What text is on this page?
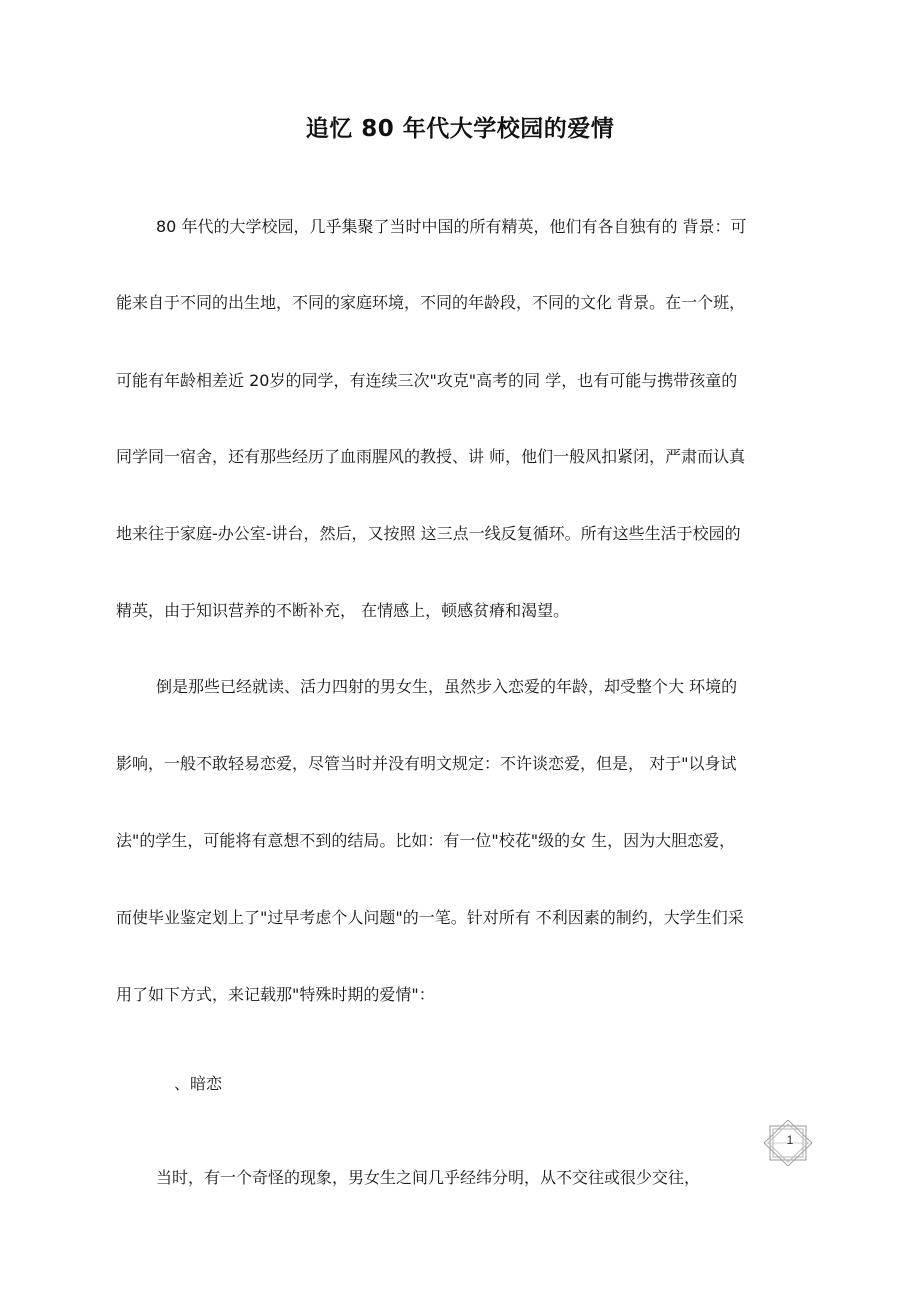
追忆 80 年代大学校园的爱情
80 年代的大学校园，几乎集聚了当时中国的所有精英，他们有各自独有的 背景：可
能来自于不同的出生地，不同的家庭环境，不同的年龄段，不同的文化 背景。在一个班，
可能有年龄相差近 20岁的同学，有连续三次"攻克"高考的同 学，也有可能与携带孩童的
同学同一宿舍，还有那些经历了血雨腥风的教授、讲 师，他们一般风扣紧闭，严肃而认真
地来往于家庭-办公室-讲台，然后，又按照 这三点一线反复循环。所有这些生活于校园的
精英，由于知识营养的不断补充， 在情感上，顿感贫瘠和渴望。
倒是那些已经就读、活力四射的男女生，虽然步入恋爱的年龄，却受整个大 环境的
影响，一般不敢轻易恋爱，尽管当时并没有明文规定：不许谈恋爱，但是， 对于"以身试
法"的学生，可能将有意想不到的结局。比如：有一位"校花"级的女 生，因为大胆恋爱，
而使毕业鉴定划上了"过早考虑个人问题"的一笔。针对所有 不利因素的制约，大学生们采
用了如下方式，来记载那"特殊时期的爱情"：
、暗恋
当时，有一个奇怪的现象，男女生之间几乎经纬分明，从不交往或很少交往，
1
